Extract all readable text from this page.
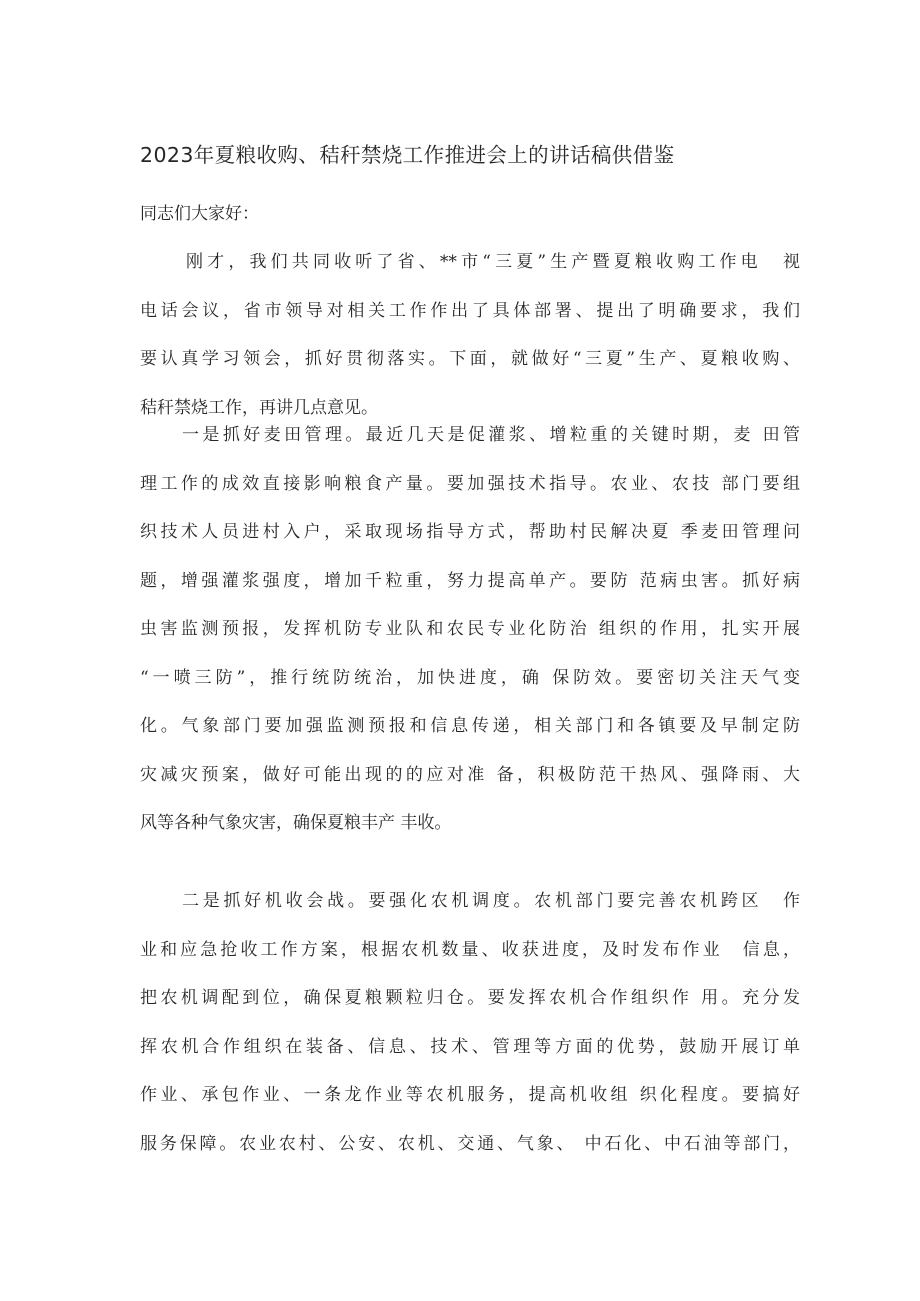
2023年夏粮收购、秸秆禁烧工作推进会上的讲话稿供借鉴
同志们大家好：
刚才，我们共同收听了省、**市“三夏”生产暨夏粮收购工作电　视
电话会议，省市领导对相关工作作出了具体部署、提出了明确要求，我们
要认真学习领会，抓好贯彻落实。下面，就做好“三夏”生产、夏粮收购、
秸秆禁烧工作，再讲几点意见。
一是抓好麦田管理。最近几天是促灌浆、增粒重的关键时期，麦 田管
理工作的成效直接影响粮食产量。要加强技术指导。农业、农技 部门要组
织技术人员进村入户，采取现场指导方式，帮助村民解决夏 季麦田管理问
题，增强灌浆强度，增加千粒重，努力提高单产。要防 范病虫害。抓好病
虫害监测预报，发挥机防专业队和农民专业化防治 组织的作用，扎实开展
“一喷三防”，推行统防统治，加快进度，确 保防效。要密切关注天气变
化。气象部门要加强监测预报和信息传递，相关部门和各镇要及早制定防
灾减灾预案，做好可能出现的的应对准 备，积极防范干热风、强降雨、大
风等各种气象灾害，确保夏粮丰产 丰收。
二是抓好机收会战。要强化农机调度。农机部门要完善农机跨区　作
业和应急抢收工作方案，根据农机数量、收获进度，及时发布作业　信息，
把农机调配到位，确保夏粮颗粒归仓。要发挥农机合作组织作 用。充分发
挥农机合作组织在装备、信息、技术、管理等方面的优势，鼓励开展订单
作业、承包作业、一条龙作业等农机服务，提高机收组 织化程度。要搞好
服务保障。农业农村、公安、农机、交通、气象、 中石化、中石油等部门，
